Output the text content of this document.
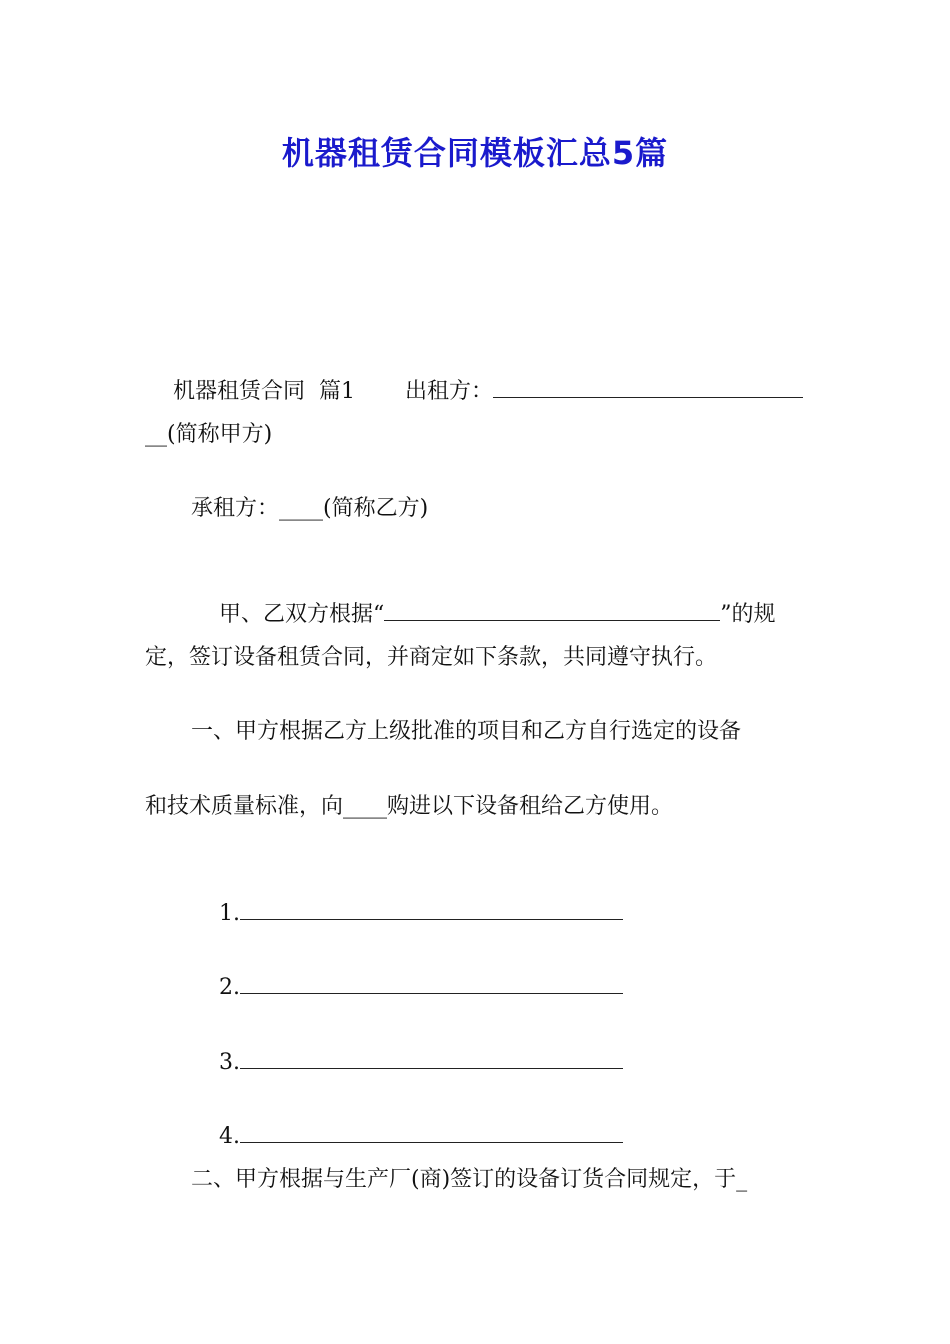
机器租赁合同模板汇总5篇

机器租赁合同  篇1 出租方：

__(简称甲方)
承租方：____(简称乙方)

甲、乙双方根据“	”的规

定，签订设备租赁合同，并商定如下条款，共同遵守执行。
一、甲方根据乙方上级批准的项目和乙方自行选定的设备
和技术质量标准，向____购进以下设备租给乙方使用。

1.

2.

3.

4.

二、甲方根据与生产厂(商)签订的设备订货合同规定，于_
